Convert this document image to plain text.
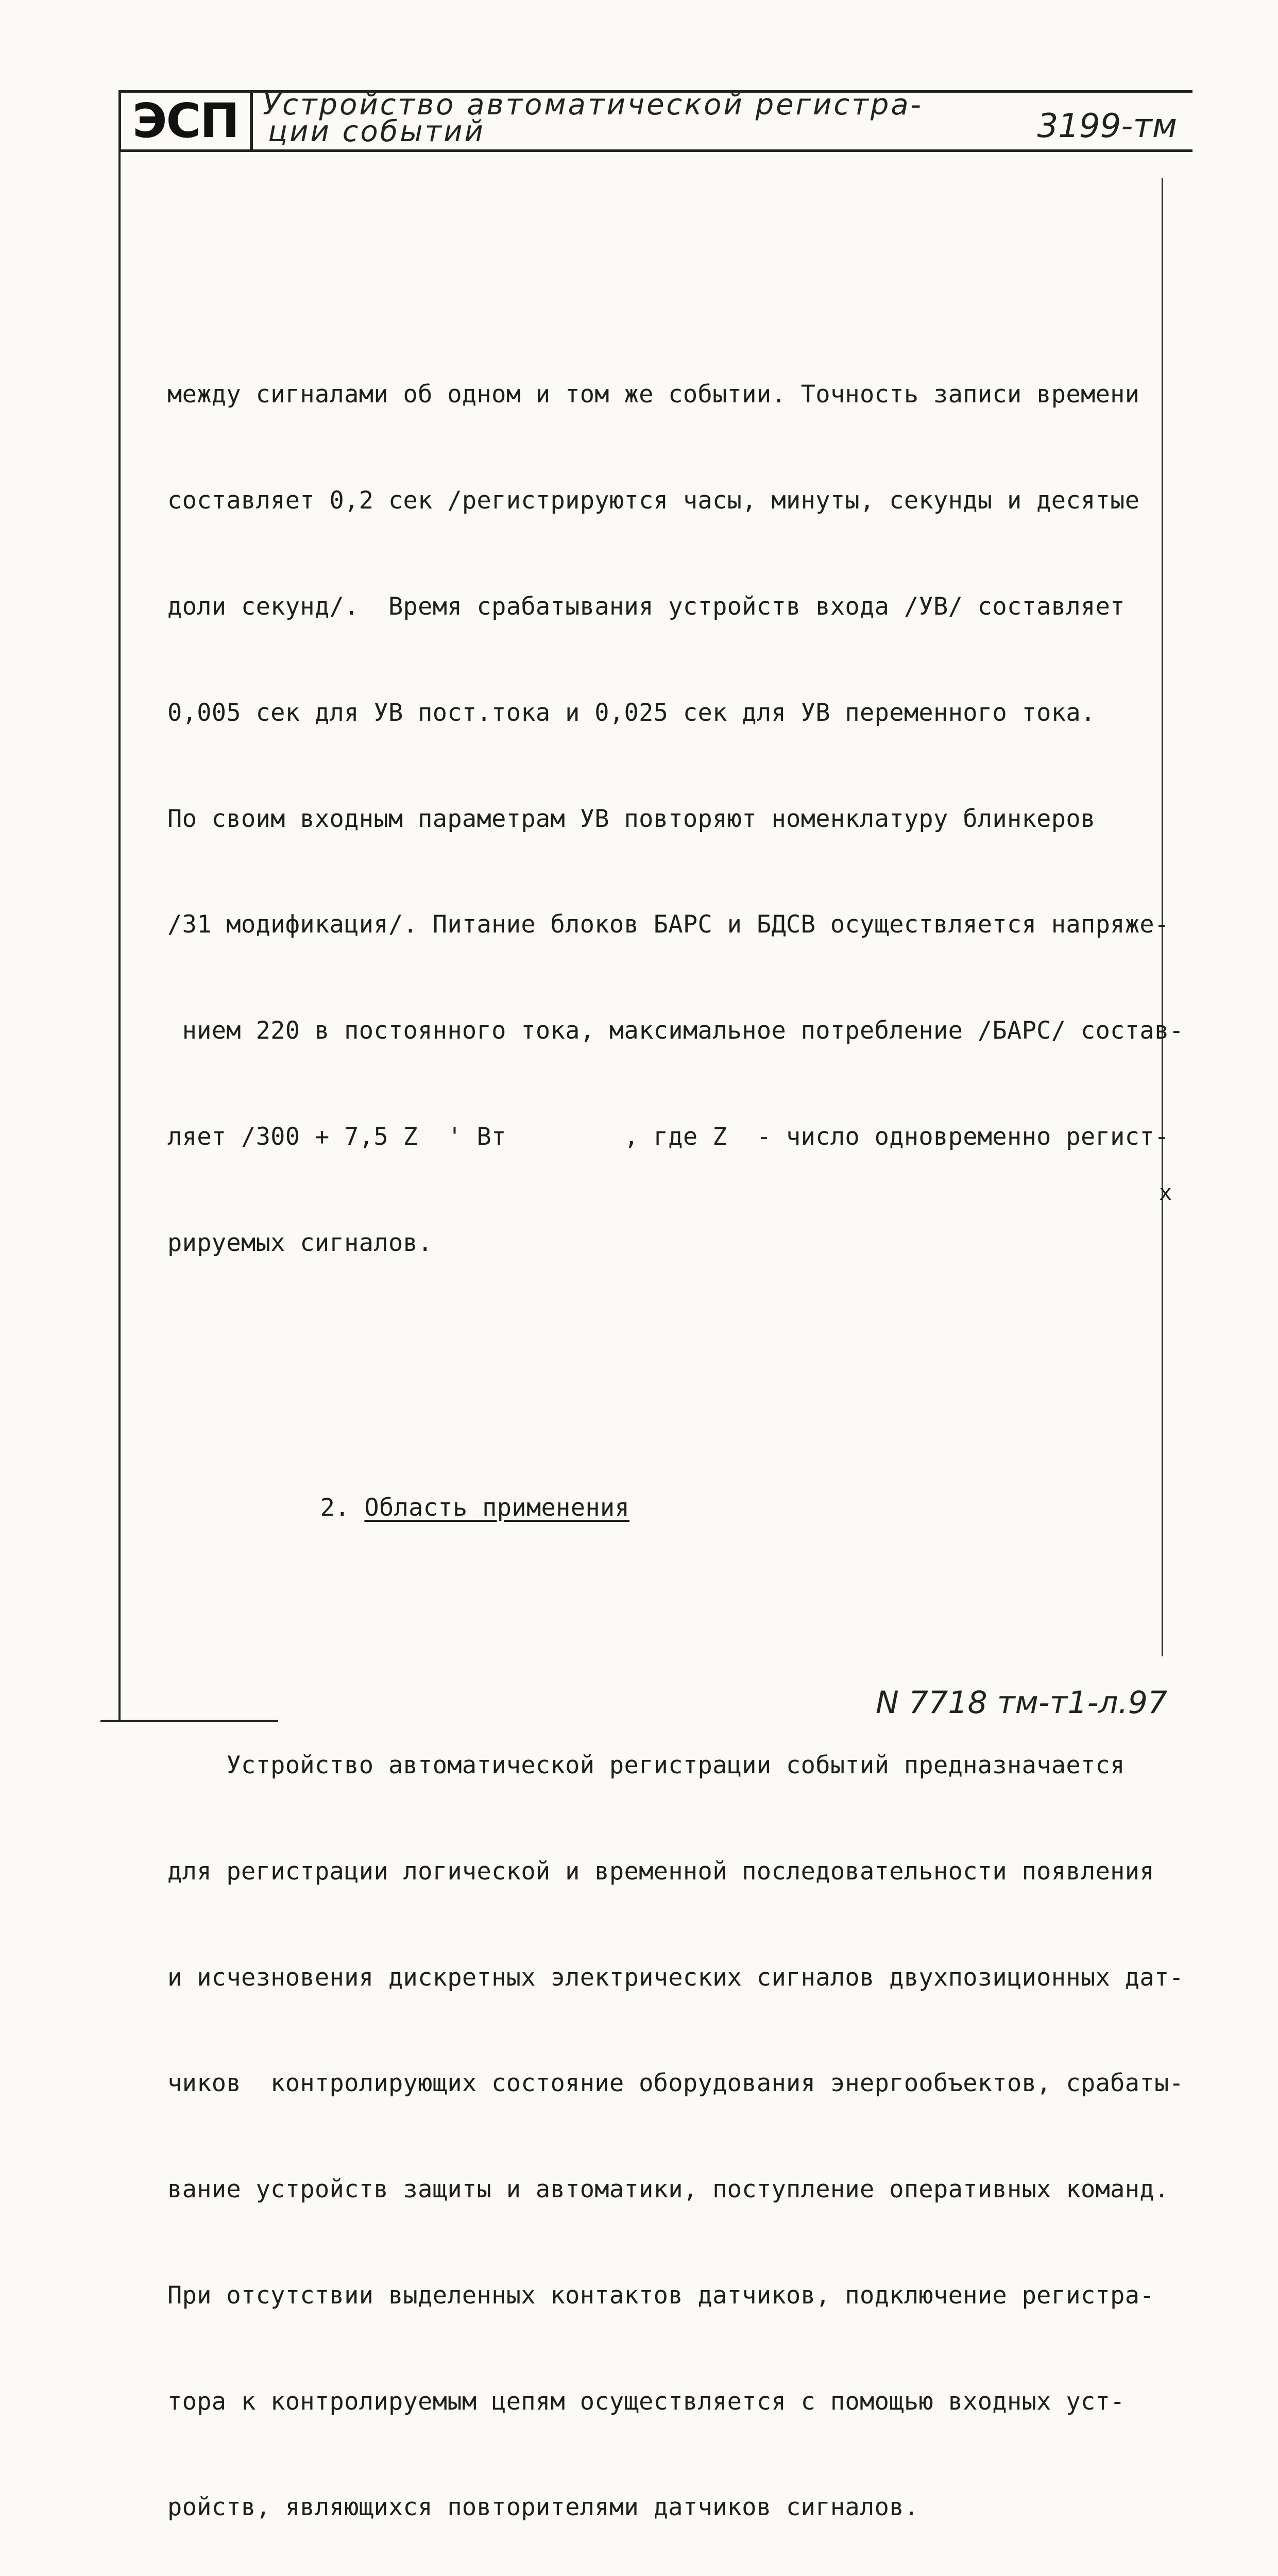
ЭСП Устройство автоматической регистра-
ции событий	3199-тм

между сигналами об одном и том же событии. Точность записи времени

составляет 0,2 сек /регистрируются часы, минуты, секунды и десятые

доли секунд/.  Время срабатывания устройств входа /УВ/ составляет

0,005 сек для УВ пост.тока и 0,025 сек для УВ переменного тока.

По своим входным параметрам УВ повторяют номенклатуру блинкеров

/31 модификация/. Питание блоков БАРС и БДСВ осуществляется напряже-

нием 220 в постоянного тока, максимальное потребление /БАРС/ состав-

ляет /300 + 7,5 Z  ' Вт        , где Z  - число одновременно регист-

рируемых сигналов.

2. Область применения

Устройство автоматической регистрации событий предназначается

для регистрации логической и временной последовательности появления

и исчезновения дискретных электрических сигналов двухпозиционных дат-

чиков  контролирующих состояние оборудования энергообъектов, срабаты-

вание устройств защиты и автоматики, поступление оперативных команд.

При отсутствии выделенных контактов датчиков, подключение регистра-

тора к контролируемым цепям осуществляется с помощью входных уст-

ройств, являющихся повторителями датчиков сигналов.

х
N 7718 тм-т1-л.97
